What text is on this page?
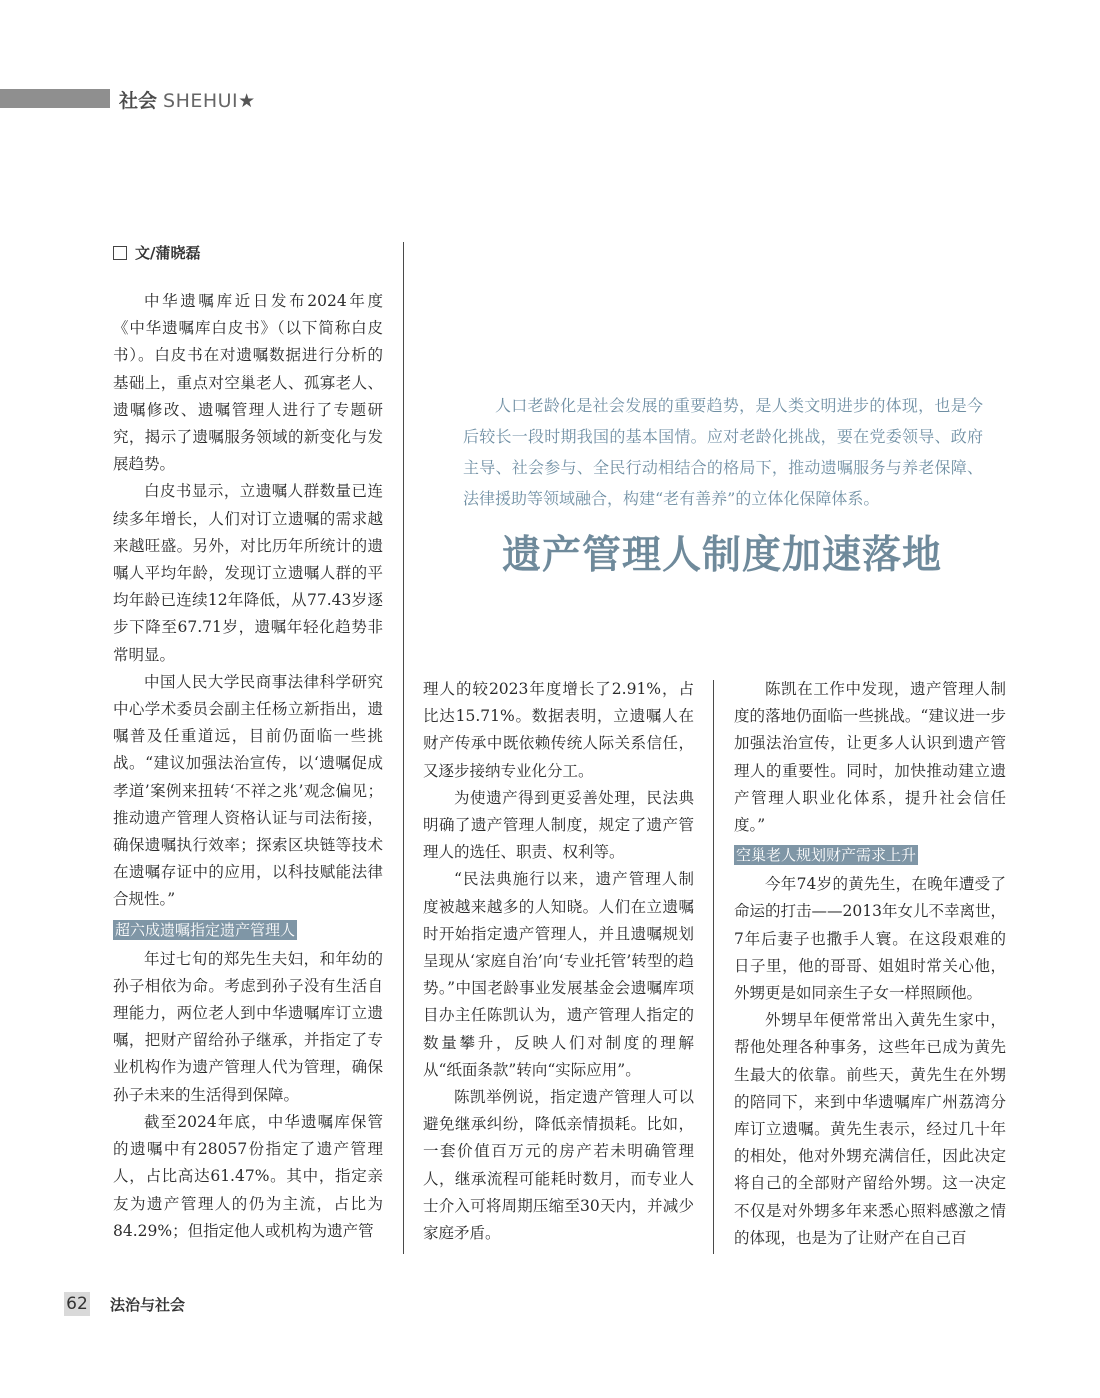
社会 SHEHUI★
文/蒲晓磊

人口老龄化是社会发展的重要趋势，是人类文明进步的体现，也是今后较长一段时期我国的基本国情。应对老龄化挑战，要在党委领导、政府主导、社会参与、全民行动相结合的格局下，推动遗嘱服务与养老保障、法律援助等领域融合，构建“老有善养”的立体化保障体系。

遗产管理人制度加速落地

中华遗嘱库近日发布2024年度《中华遗嘱库白皮书》（以下简称白皮书）。白皮书在对遗嘱数据进行分析的基础上，重点对空巢老人、孤寡老人、遗嘱修改、遗嘱管理人进行了专题研究，揭示了遗嘱服务领域的新变化与发展趋势。

白皮书显示，立遗嘱人群数量已连续多年增长，人们对订立遗嘱的需求越来越旺盛。另外，对比历年所统计的遗嘱人平均年龄，发现订立遗嘱人群的平均年龄已连续12年降低，从77.43岁逐步下降至67.71岁，遗嘱年轻化趋势非常明显。

中国人民大学民商事法律科学研究中心学术委员会副主任杨立新指出，遗嘱普及任重道远，目前仍面临一些挑战。“建议加强法治宣传，以‘遗嘱促成孝道’案例来扭转‘不祥之兆’观念偏见；推动遗产管理人资格认证与司法衔接，确保遗嘱执行效率；探索区块链等技术在遗嘱存证中的应用，以科技赋能法律合规性。”

超六成遗嘱指定遗产管理人

年过七旬的郑先生夫妇，和年幼的孙子相依为命。考虑到孙子没有生活自理能力，两位老人到中华遗嘱库订立遗嘱，把财产留给孙子继承，并指定了专业机构作为遗产管理人代为管理，确保孙子未来的生活得到保障。

截至2024年底，中华遗嘱库保管的遗嘱中有28057份指定了遗产管理人，占比高达61.47%。其中，指定亲友为遗产管理人的仍为主流，占比为84.29%；但指定他人或机构为遗产管

理人的较2023年度增长了2.91%，占比达15.71%。数据表明，立遗嘱人在财产传承中既依赖传统人际关系信任，又逐步接纳专业化分工。

为使遗产得到更妥善处理，民法典明确了遗产管理人制度，规定了遗产管理人的选任、职责、权利等。

“民法典施行以来，遗产管理人制度被越来越多的人知晓。人们在立遗嘱时开始指定遗产管理人，并且遗嘱规划呈现从‘家庭自治’向‘专业托管’转型的趋势。”中国老龄事业发展基金会遗嘱库项目办主任陈凯认为，遗产管理人指定的数量攀升，反映人们对制度的理解从“纸面条款”转向“实际应用”。

陈凯举例说，指定遗产管理人可以避免继承纠纷，降低亲情损耗。比如，一套价值百万元的房产若未明确管理人，继承流程可能耗时数月，而专业人士介入可将周期压缩至30天内，并减少家庭矛盾。

陈凯在工作中发现，遗产管理人制度的落地仍面临一些挑战。“建议进一步加强法治宣传，让更多人认识到遗产管理人的重要性。同时，加快推动建立遗产管理人职业化体系，提升社会信任度。”

空巢老人规划财产需求上升

今年74岁的黄先生，在晚年遭受了命运的打击——2013年女儿不幸离世，7年后妻子也撒手人寰。在这段艰难的日子里，他的哥哥、姐姐时常关心他，外甥更是如同亲生子女一样照顾他。

外甥早年便常常出入黄先生家中，帮他处理各种事务，这些年已成为黄先生最大的依靠。前些天，黄先生在外甥的陪同下，来到中华遗嘱库广州荔湾分库订立遗嘱。黄先生表示，经过几十年的相处，他对外甥充满信任，因此决定将自己的全部财产留给外甥。这一决定不仅是对外甥多年来悉心照料感激之情的体现，也是为了让财产在自己百

62 法治与社会
